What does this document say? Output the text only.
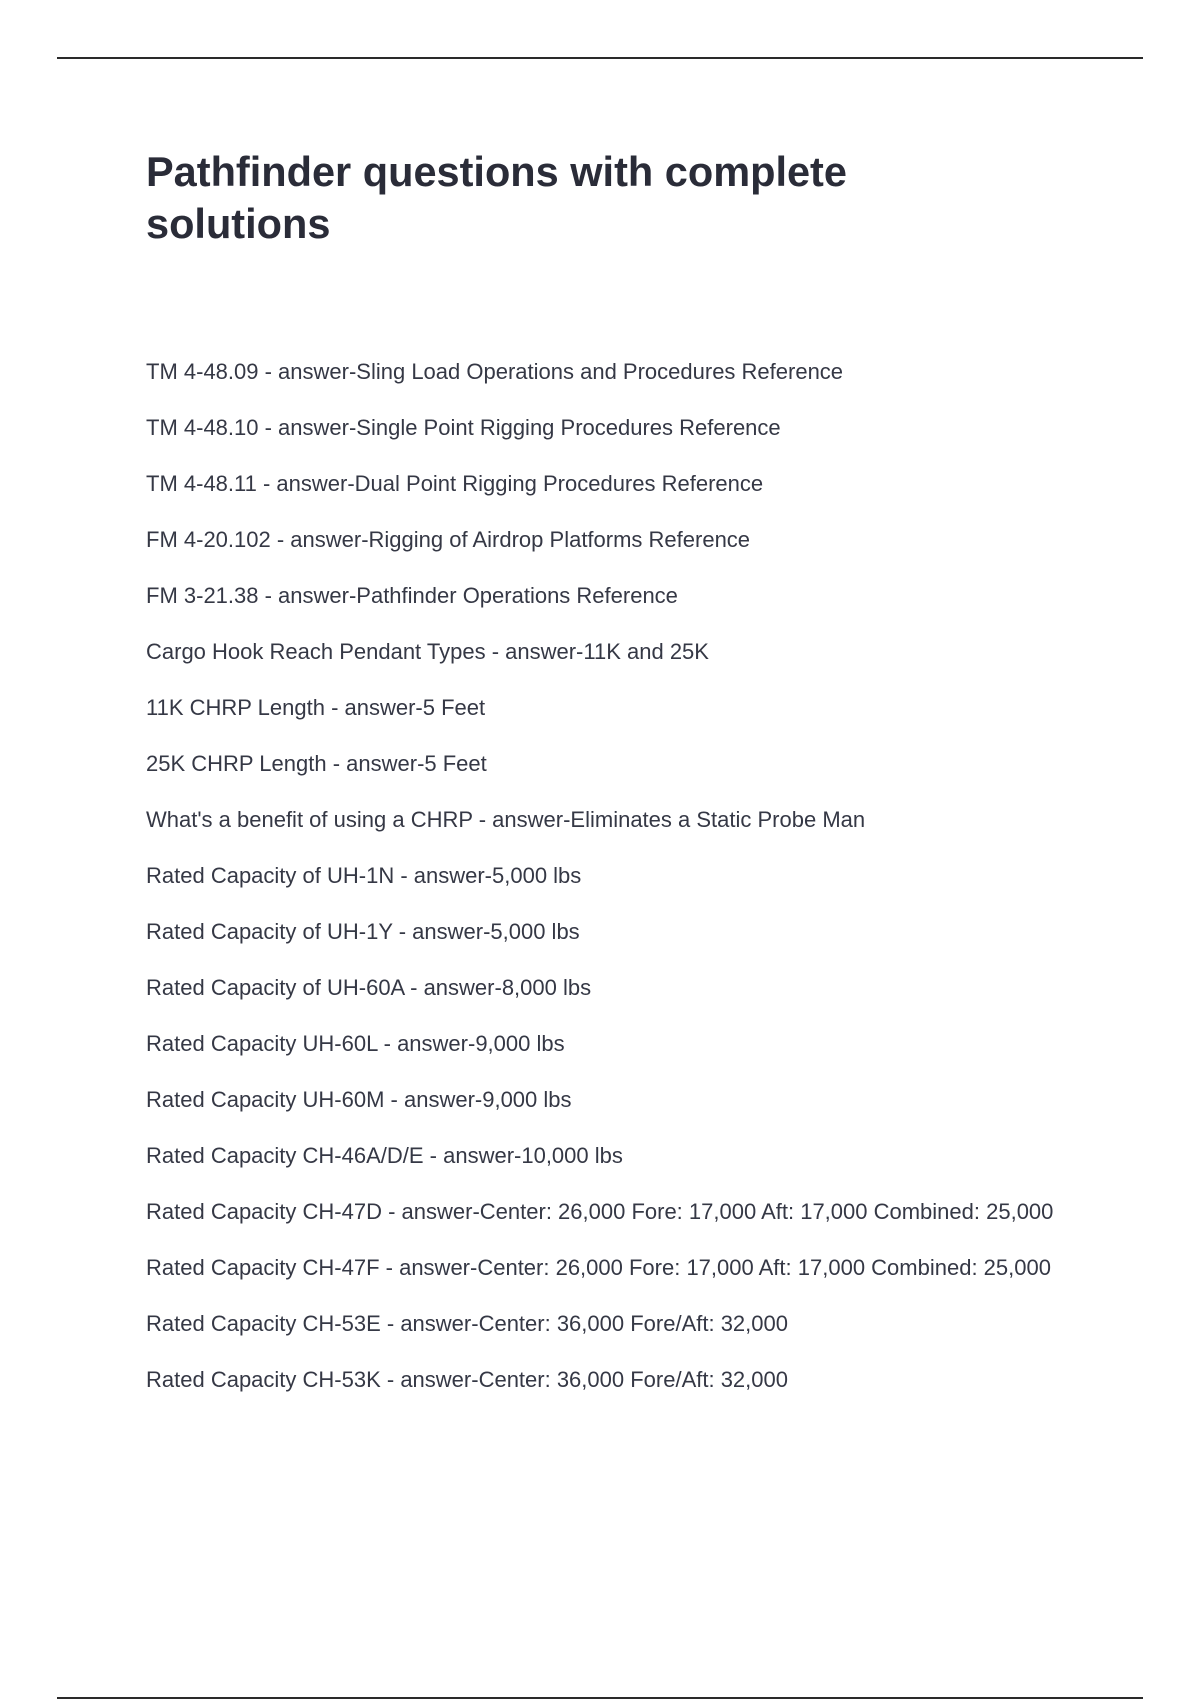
Pathfinder questions with complete solutions
TM 4-48.09 - answer-Sling Load Operations and Procedures Reference
TM 4-48.10 - answer-Single Point Rigging Procedures Reference
TM 4-48.11 - answer-Dual Point Rigging Procedures Reference
FM 4-20.102 - answer-Rigging of Airdrop Platforms Reference
FM 3-21.38 - answer-Pathfinder Operations Reference
Cargo Hook Reach Pendant Types - answer-11K and 25K
11K CHRP Length - answer-5 Feet
25K CHRP Length - answer-5 Feet
What's a benefit of using a CHRP - answer-Eliminates a Static Probe Man
Rated Capacity of UH-1N - answer-5,000 lbs
Rated Capacity of UH-1Y - answer-5,000 lbs
Rated Capacity of UH-60A - answer-8,000 lbs
Rated Capacity UH-60L - answer-9,000 lbs
Rated Capacity UH-60M - answer-9,000 lbs
Rated Capacity CH-46A/D/E - answer-10,000 lbs
Rated Capacity CH-47D - answer-Center: 26,000 Fore: 17,000 Aft: 17,000 Combined: 25,000
Rated Capacity CH-47F - answer-Center: 26,000 Fore: 17,000 Aft: 17,000 Combined: 25,000
Rated Capacity CH-53E - answer-Center: 36,000 Fore/Aft: 32,000
Rated Capacity CH-53K - answer-Center: 36,000 Fore/Aft: 32,000
